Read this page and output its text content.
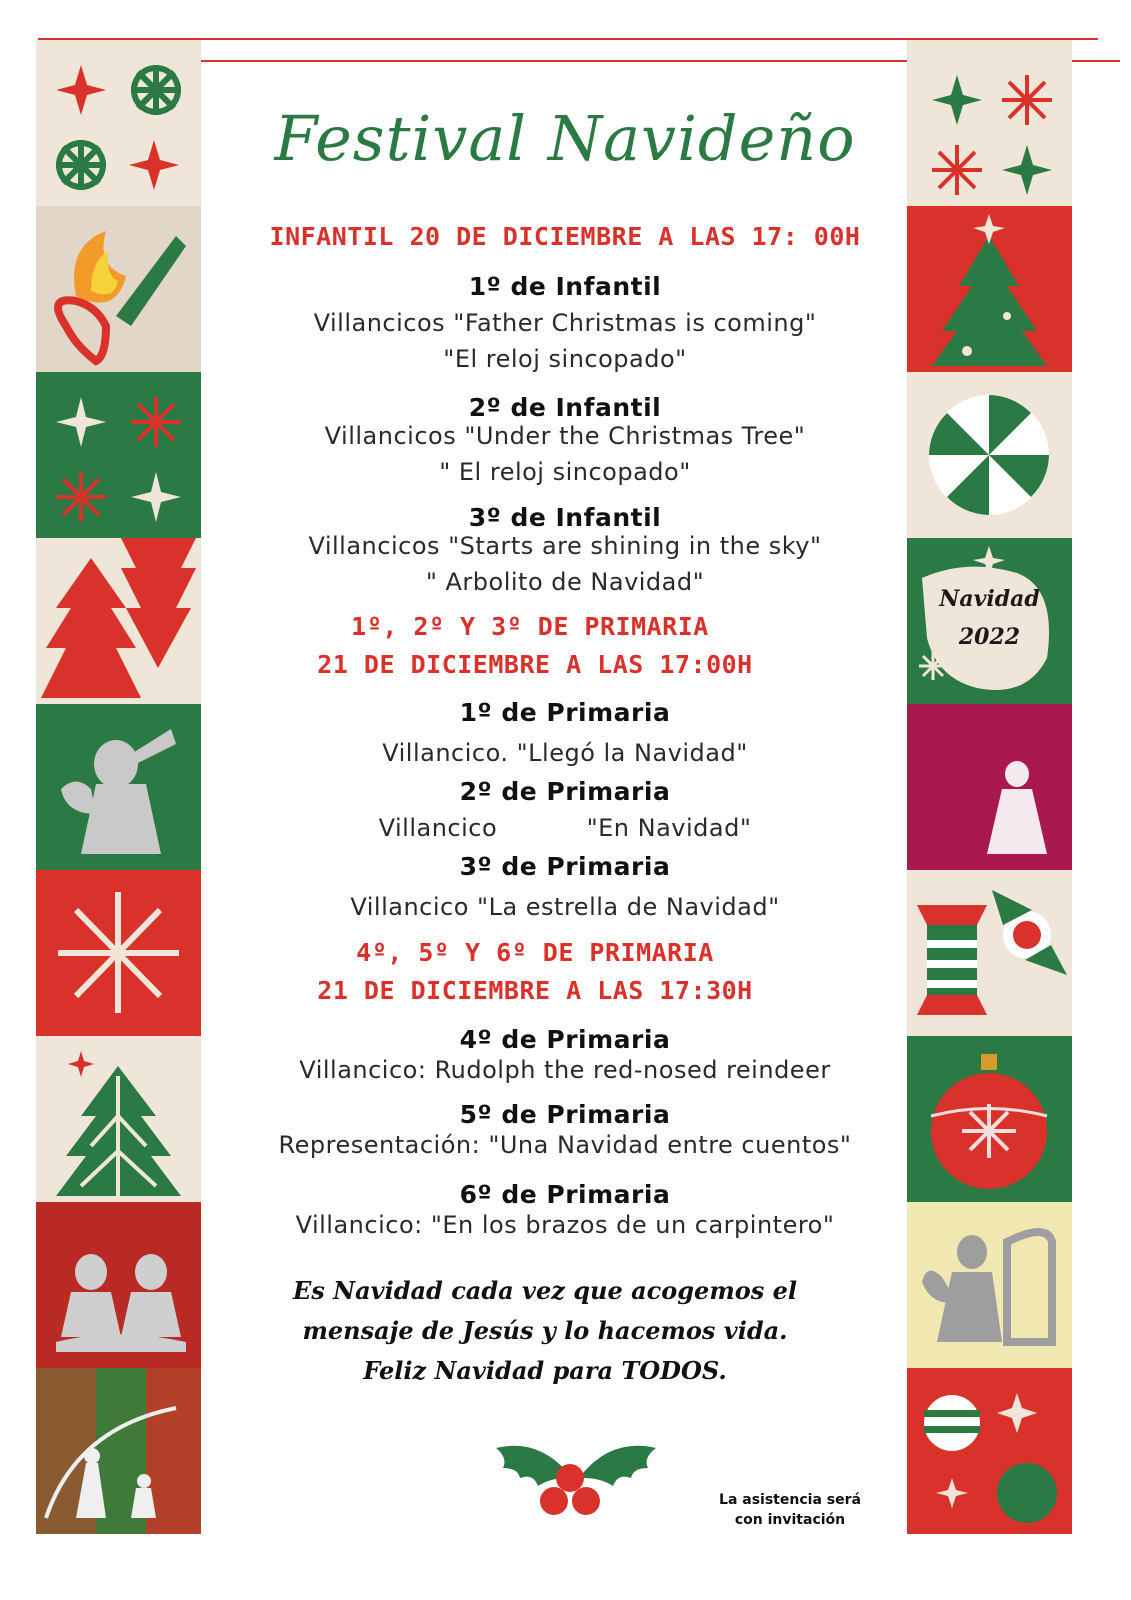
Navidad
2022
Festival Navideño
INFANTIL 20 DE DICIEMBRE A LAS 17: 00H
1º de Infantil
Villancicos "Father Christmas is coming"
"El reloj sincopado"
2º de Infantil
Villancicos "Under the Christmas Tree"
" El reloj sincopado"
3º de Infantil
Villancicos "Starts are shining in the sky"
" Arbolito de Navidad"
1º, 2º Y 3º DE PRIMARIA
21 DE DICIEMBRE A LAS 17:00H
1º de Primaria
Villancico. "Llegó la Navidad"
2º de Primaria
Villancico           "En Navidad"
3º de Primaria
Villancico "La estrella de Navidad"
4º, 5º Y 6º DE PRIMARIA
21 DE DICIEMBRE A LAS 17:30H
4º de Primaria
Villancico: Rudolph the red-nosed reindeer
5º de Primaria
Representación: "Una Navidad entre cuentos"
6º de Primaria
Villancico: "En los brazos de un carpintero"
Es Navidad cada vez que acogemos el
mensaje de Jesús y lo hacemos vida.
Feliz Navidad para TODOS.
La asistencia será
con invitación
